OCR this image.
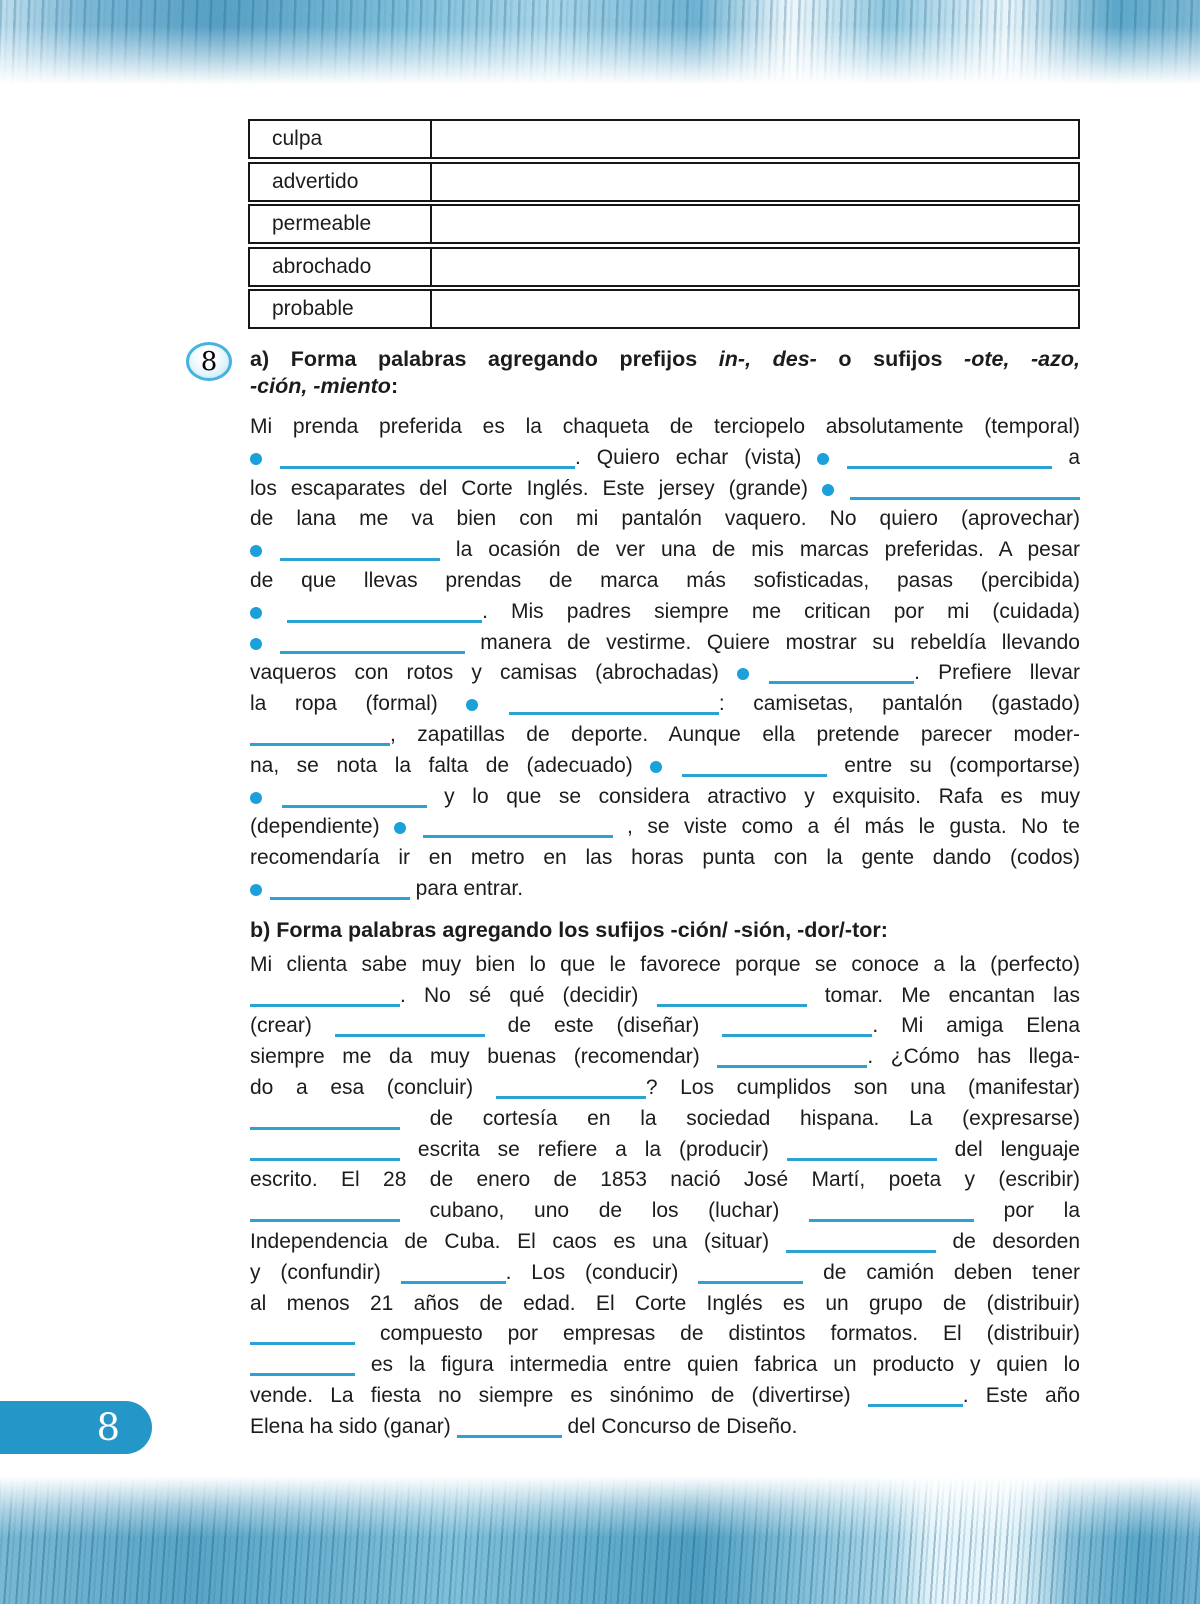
culpa
advertido
permeable
abrochado
probable
8 a) Forma palabras agregando prefijos in-, des- o sufijos -ote, -azo,
-ción, -miento:
Mi prenda preferida es la chaqueta de terciopelo absolutamente (temporal)
. Quiero echar (vista)	a
los escaparates del Corte Inglés. Este jersey (grande)
de lana me va bien con mi pantalón vaquero. No quiero (aprovechar)
la ocasión de ver una de mis marcas preferidas. A pesar
de que llevas prendas de marca más sofisticadas, pasas (percibida)
. Mis padres siempre me critican por mi (cuidada)
manera de vestirme. Quiere mostrar su rebeldía llevando
vaqueros con rotos y camisas (abrochadas)	. Prefiere llevar
la ropa (formal)	: camisetas, pantalón (gastado)
, zapatillas de deporte. Aunque ella pretende parecer moder-
na, se nota la falta de (adecuado)	entre su (comportarse)
y lo que se considera atractivo y exquisito. Rafa es muy
(dependiente)	, se viste como a él más le gusta. No te
recomendaría ir en metro en las horas punta con la gente dando (codos)
para entrar.
b) Forma palabras agregando los sufijos -ción/ -sión, -dor/-tor:
Mi clienta sabe muy bien lo que le favorece porque se conoce a la (perfecto)
. No sé qué (decidir)	tomar. Me encantan las
(crear)	de este (diseñar)	. Mi amiga Elena
siempre me da muy buenas (recomendar)	. ¿Cómo has llega-
do a esa (concluir)	? Los cumplidos son una (manifestar)
de cortesía en la sociedad hispana. La (expresarse)
escrita se refiere a la (producir)	del lenguaje
escrito. El 28 de enero de 1853 nació José Martí, poeta y (escribir)
cubano, uno de los (luchar)	por la
Independencia de Cuba. El caos es una (situar)	de desorden
y (confundir)	. Los (conducir)	de camión deben tener
al menos 21 años de edad. El Corte Inglés es un grupo de (distribuir)
compuesto por empresas de distintos formatos. El (distribuir)
es la figura intermedia entre quien fabrica un producto y quien lo
vende. La fiesta no siempre es sinónimo de (divertirse)	. Este año
Elena ha sido (ganar)	del Concurso de Diseño.
8
